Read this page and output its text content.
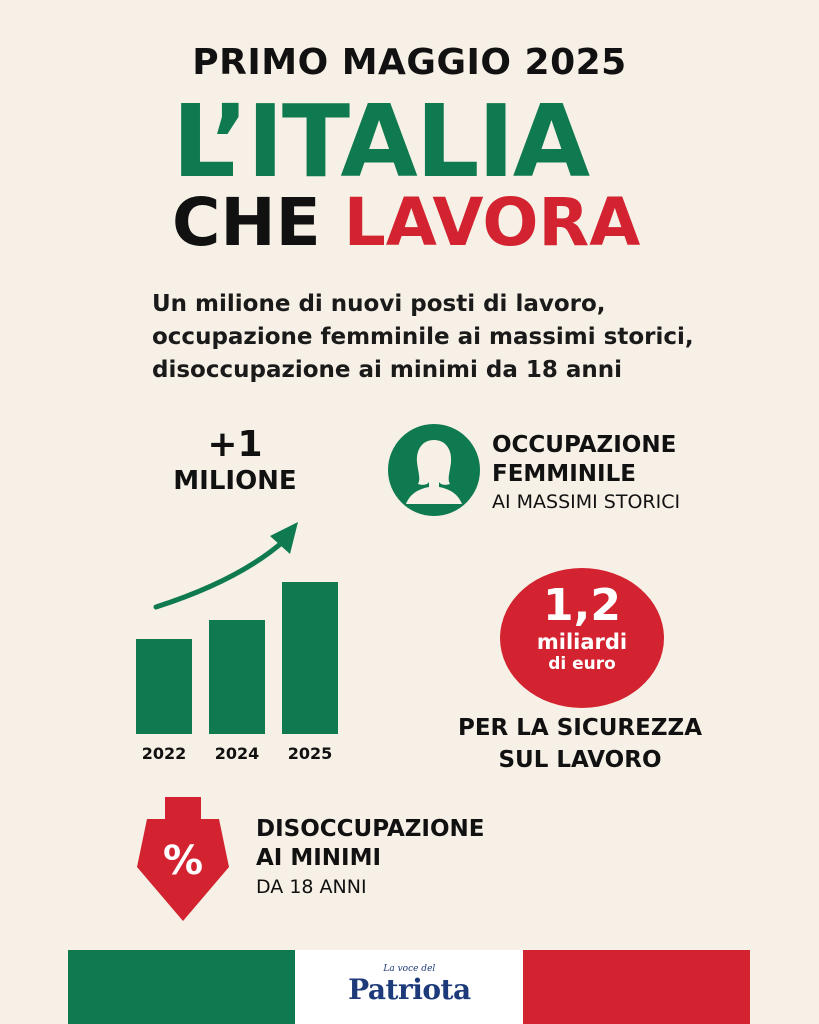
PRIMO MAGGIO 2025
L’ITALIA
CHE LAVORA
Un milione di nuovi posti di lavoro,
occupazione femminile ai massimi storici,
disoccupazione ai minimi da 18 anni
+1
MILIONE
2022 2024 2025
OCCUPAZIONE
FEMMINILE
AI MASSIMI STORICI
1,2
miliardi
di euro
PER LA SICUREZZA
SUL LAVORO
%
DISOCCUPAZIONE
AI MINIMI
DA 18 ANNI
La voce del
Patriota
